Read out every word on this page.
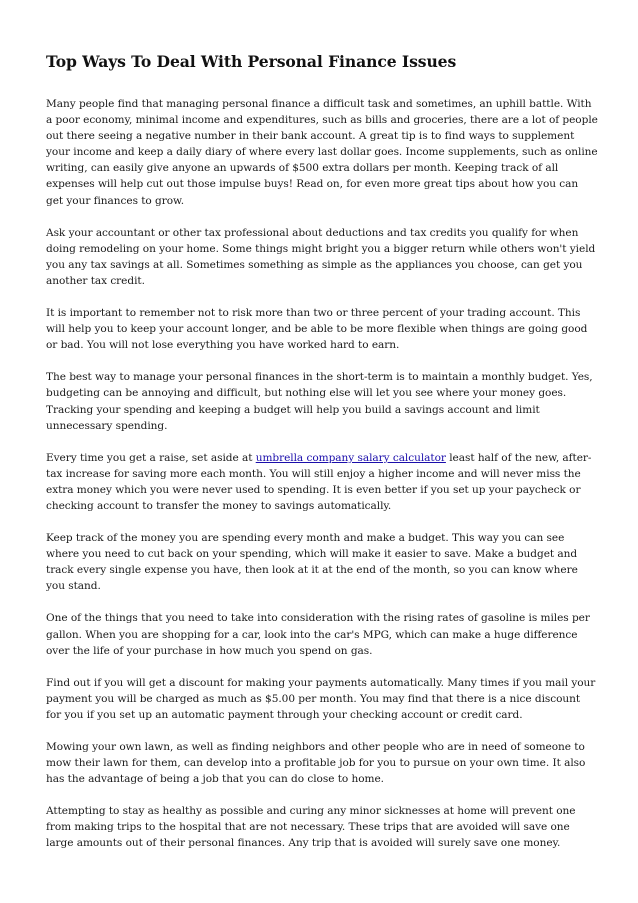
Top Ways To Deal With Personal Finance Issues

Many people find that managing personal finance a difficult task and sometimes, an uphill battle. With a poor economy, minimal income and expenditures, such as bills and groceries, there are a lot of people out there seeing a negative number in their bank account. A great tip is to find ways to supplement your income and keep a daily diary of where every last dollar goes. Income supplements, such as online writing, can easily give anyone an upwards of $500 extra dollars per month. Keeping track of all expenses will help cut out those impulse buys! Read on, for even more great tips about how you can get your finances to grow.

Ask your accountant or other tax professional about deductions and tax credits you qualify for when doing remodeling on your home. Some things might bright you a bigger return while others won't yield you any tax savings at all. Sometimes something as simple as the appliances you choose, can get you another tax credit.

It is important to remember not to risk more than two or three percent of your trading account. This will help you to keep your account longer, and be able to be more flexible when things are going good or bad. You will not lose everything you have worked hard to earn.

The best way to manage your personal finances in the short-term is to maintain a monthly budget. Yes, budgeting can be annoying and difficult, but nothing else will let you see where your money goes. Tracking your spending and keeping a budget will help you build a savings account and limit unnecessary spending.

Every time you get a raise, set aside at umbrella company salary calculator least half of the new, after-tax increase for saving more each month. You will still enjoy a higher income and will never miss the extra money which you were never used to spending. It is even better if you set up your paycheck or checking account to transfer the money to savings automatically.

Keep track of the money you are spending every month and make a budget. This way you can see where you need to cut back on your spending, which will make it easier to save. Make a budget and track every single expense you have, then look at it at the end of the month, so you can know where you stand.

One of the things that you need to take into consideration with the rising rates of gasoline is miles per gallon. When you are shopping for a car, look into the car's MPG, which can make a huge difference over the life of your purchase in how much you spend on gas.

Find out if you will get a discount for making your payments automatically. Many times if you mail your payment you will be charged as much as $5.00 per month. You may find that there is a nice discount for you if you set up an automatic payment through your checking account or credit card.

Mowing your own lawn, as well as finding neighbors and other people who are in need of someone to mow their lawn for them, can develop into a profitable job for you to pursue on your own time. It also has the advantage of being a job that you can do close to home.

Attempting to stay as healthy as possible and curing any minor sicknesses at home will prevent one from making trips to the hospital that are not necessary. These trips that are avoided will save one large amounts out of their personal finances. Any trip that is avoided will surely save one money.
